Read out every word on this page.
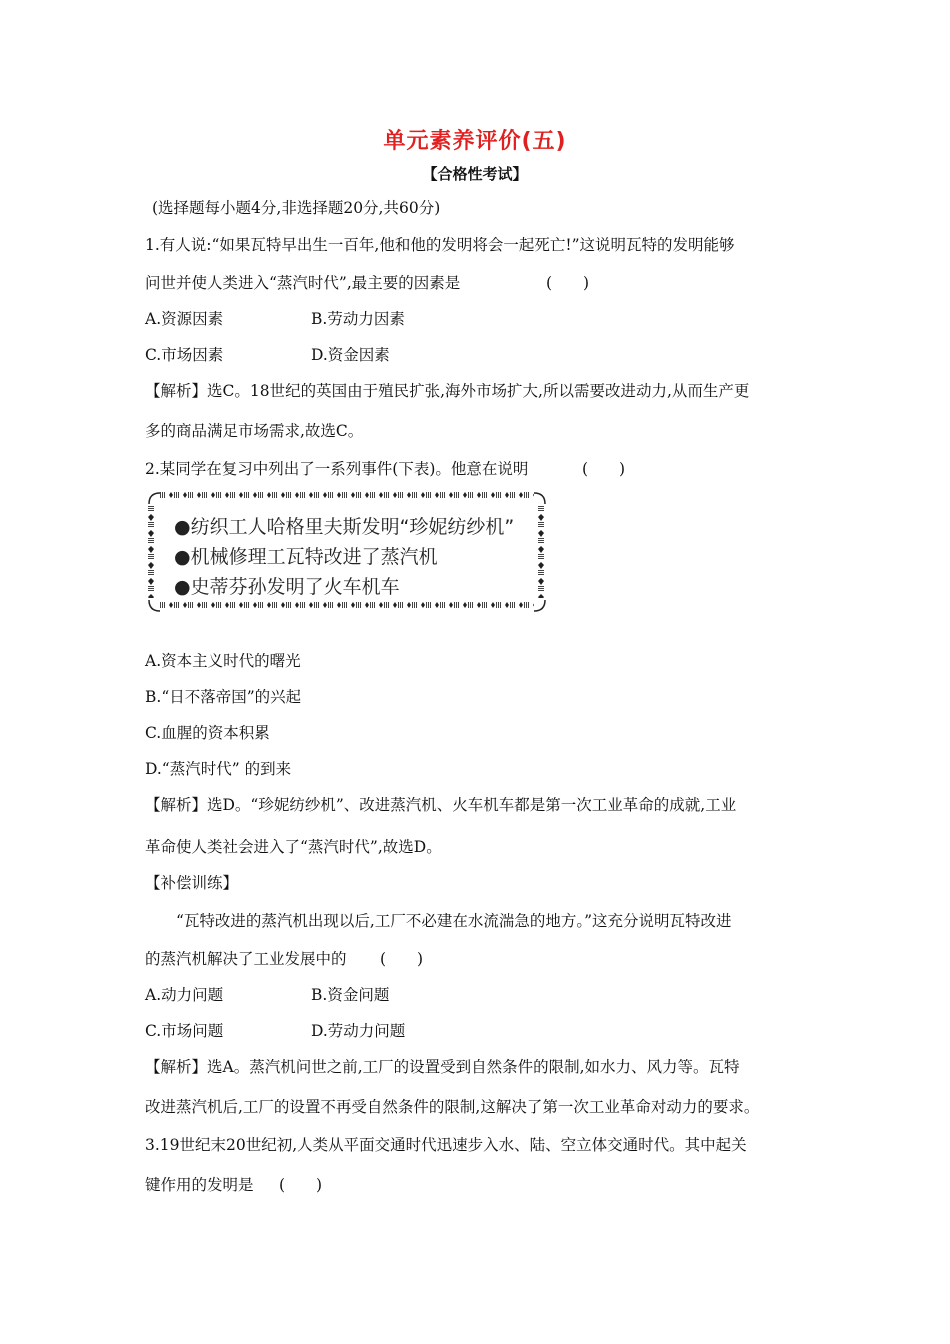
单元素养评价(五)
【合格性考试】
(选择题每小题4分,非选择题20分,共60分)
1.有人说:“如果瓦特早出生一百年,他和他的发明将会一起死亡!”这说明瓦特的发明能够
问世并使人类进入“蒸汽时代”,最主要的因素是	(　　)
A.资源因素	B.劳动力因素
C.市场因素	D.资金因素
【解析】选C。18世纪的英国由于殖民扩张,海外市场扩大,所以需要改进动力,从而生产更
多的商品满足市场需求,故选C。
2.某同学在复习中列出了一系列事件(下表)。他意在说明	(　　)
●纺织工人哈格里夫斯发明“珍妮纺纱机”
●机械修理工瓦特改进了蒸汽机
●史蒂芬孙发明了火车机车
A.资本主义时代的曙光
B.“日不落帝国”的兴起
C.血腥的资本积累
D.“蒸汽时代” 的到来
【解析】选D。“珍妮纺纱机”、改进蒸汽机、火车机车都是第一次工业革命的成就,工业
革命使人类社会进入了“蒸汽时代”,故选D。
【补偿训练】
“瓦特改进的蒸汽机出现以后,工厂不必建在水流湍急的地方。”这充分说明瓦特改进
的蒸汽机解决了工业发展中的 (　　)
A.动力问题	B.资金问题
C.市场问题	D.劳动力问题
【解析】选A。蒸汽机问世之前,工厂的设置受到自然条件的限制,如水力、风力等。瓦特
改进蒸汽机后,工厂的设置不再受自然条件的限制,这解决了第一次工业革命对动力的要求。
3.19世纪末20世纪初,人类从平面交通时代迅速步入水、陆、空立体交通时代。其中起关
键作用的发明是 (　　)
